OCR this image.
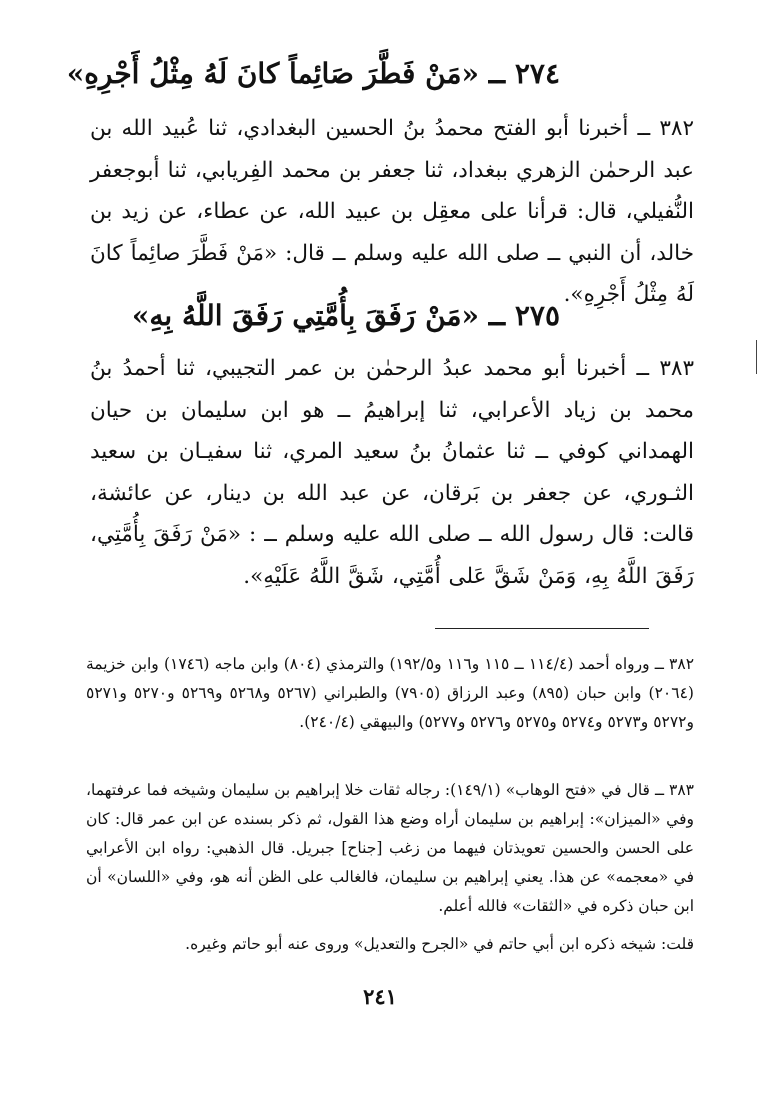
٢٧٤ ــ «مَنْ فَطَّرَ صَائِماً كانَ لَهُ مِثْلُ أَجْرِهِ»
٣٨٢ ــ أخبرنا أبو الفتح محمدُ بنُ الحسين البغدادي، ثنا عُبيد الله بن عبد الرحمٰن الزهري ببغداد، ثنا جعفر بن محمد الفِريابي، ثنا أبوجعفر النُّفيلي، قال: قرأنا على معقِل بن عبيد الله، عن عطاء، عن زيد بن خالد، أن النبي ــ صلى الله عليه وسلم ــ قال: «مَنْ فَطَّرَ صائِماً كانَ لَهُ مِثْلُ أَجْرِهِ».
٢٧٥ ــ «مَنْ رَفَقَ بِأُمَّتِي رَفَقَ اللَّهُ بِهِ»
٣٨٣ ــ أخبرنا أبو محمد عبدُ الرحمٰن بن عمر التجيبي، ثنا أحمدُ بنُ محمد بن زياد الأعرابي، ثنا إبراهيمُ ــ هو ابن سليمان بن حيان الهمداني كوفي ــ ثنا عثمانُ بنُ سعيد المري، ثنا سفيـان بن سعيد الثـوري، عن جعفر بن بَرقان، عن عبد الله بن دينار، عن عائشة، قالت: قال رسول الله ــ صلى الله عليه وسلم ــ : «مَنْ رَفَقَ بِأُمَّتِي، رَفَقَ اللَّهُ بِهِ، وَمَنْ شَقَّ عَلى أُمَّتِي، شَقَّ اللَّهُ عَلَيْهِ».
٣٨٢ ــ ورواه أحمد (١١٤/٤ ــ ١١٥ و١١٦ و١٩٢/٥) والترمذي (٨٠٤) وابن ماجه (١٧٤٦) وابن خزيمة (٢٠٦٤) وابن حبان (٨٩٥) وعبد الرزاق (٧٩٠٥) والطبراني (٥٢٦٧ و٥٢٦٨ و٥٢٦٩ و٥٢٧٠ و٥٢٧١ و٥٢٧٢ و٥٢٧٣ و٥٢٧٤ و٥٢٧٥ و٥٢٧٦ و٥٢٧٧) والبيهقي (٢٤٠/٤).
٣٨٣ ــ قال في «فتح الوهاب» (١٤٩/١): رجاله ثقات خلا إبراهيم بن سليمان وشيخه فما عرفتهما، وفي «الميزان»: إبراهيم بن سليمان أراه وضع هذا القول، ثم ذكر بسنده عن ابن عمر قال: كان على الحسن والحسين تعويذتان فيهما من زغب [جناح] جبريل. قال الذهبي: رواه ابن الأعرابي في «معجمه» عن هذا. يعني إبراهيم بن سليمان، فالغالب على الظن أنه هو، وفي «اللسان» أن ابن حبان ذكره في «الثقات» فالله أعلم.
قلت: شيخه ذكره ابن أبي حاتم في «الجرح والتعديل» وروى عنه أبو حاتم وغيره.
٢٤١
